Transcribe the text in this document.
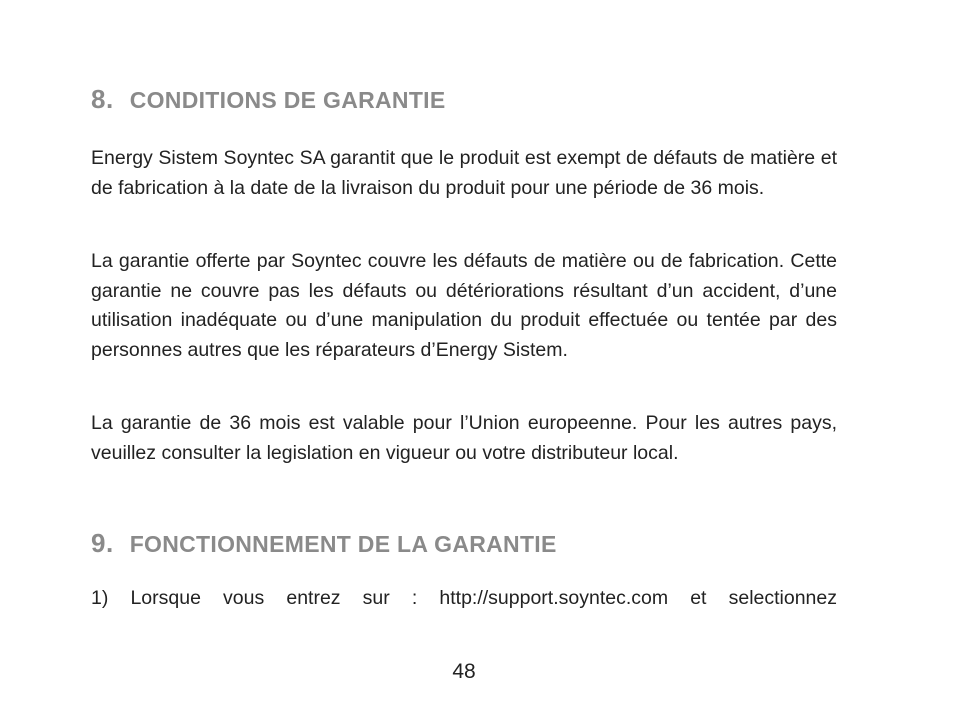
8. CONDITIONS DE GARANTIE

Energy Sistem Soyntec SA garantit que le produit est exempt de défauts de matière et de fabrication à la date de la livraison du produit pour une période de 36 mois.

La garantie offerte par Soyntec couvre les défauts de matière ou de fabrication. Cette garantie ne couvre pas les défauts ou détériorations résultant d’un accident, d’une utilisation inadéquate ou d’une manipulation du produit effectuée ou tentée par des personnes autres que les réparateurs d’Energy Sistem.

La garantie de 36 mois est valable pour l’Union europeenne. Pour les autres pays, veuillez consulter la legislation en vigueur ou votre distributeur local.

9. FONCTIONNEMENT DE LA GARANTIE

1) Lorsque vous entrez sur : http://support.soyntec.com et selectionnez

48
